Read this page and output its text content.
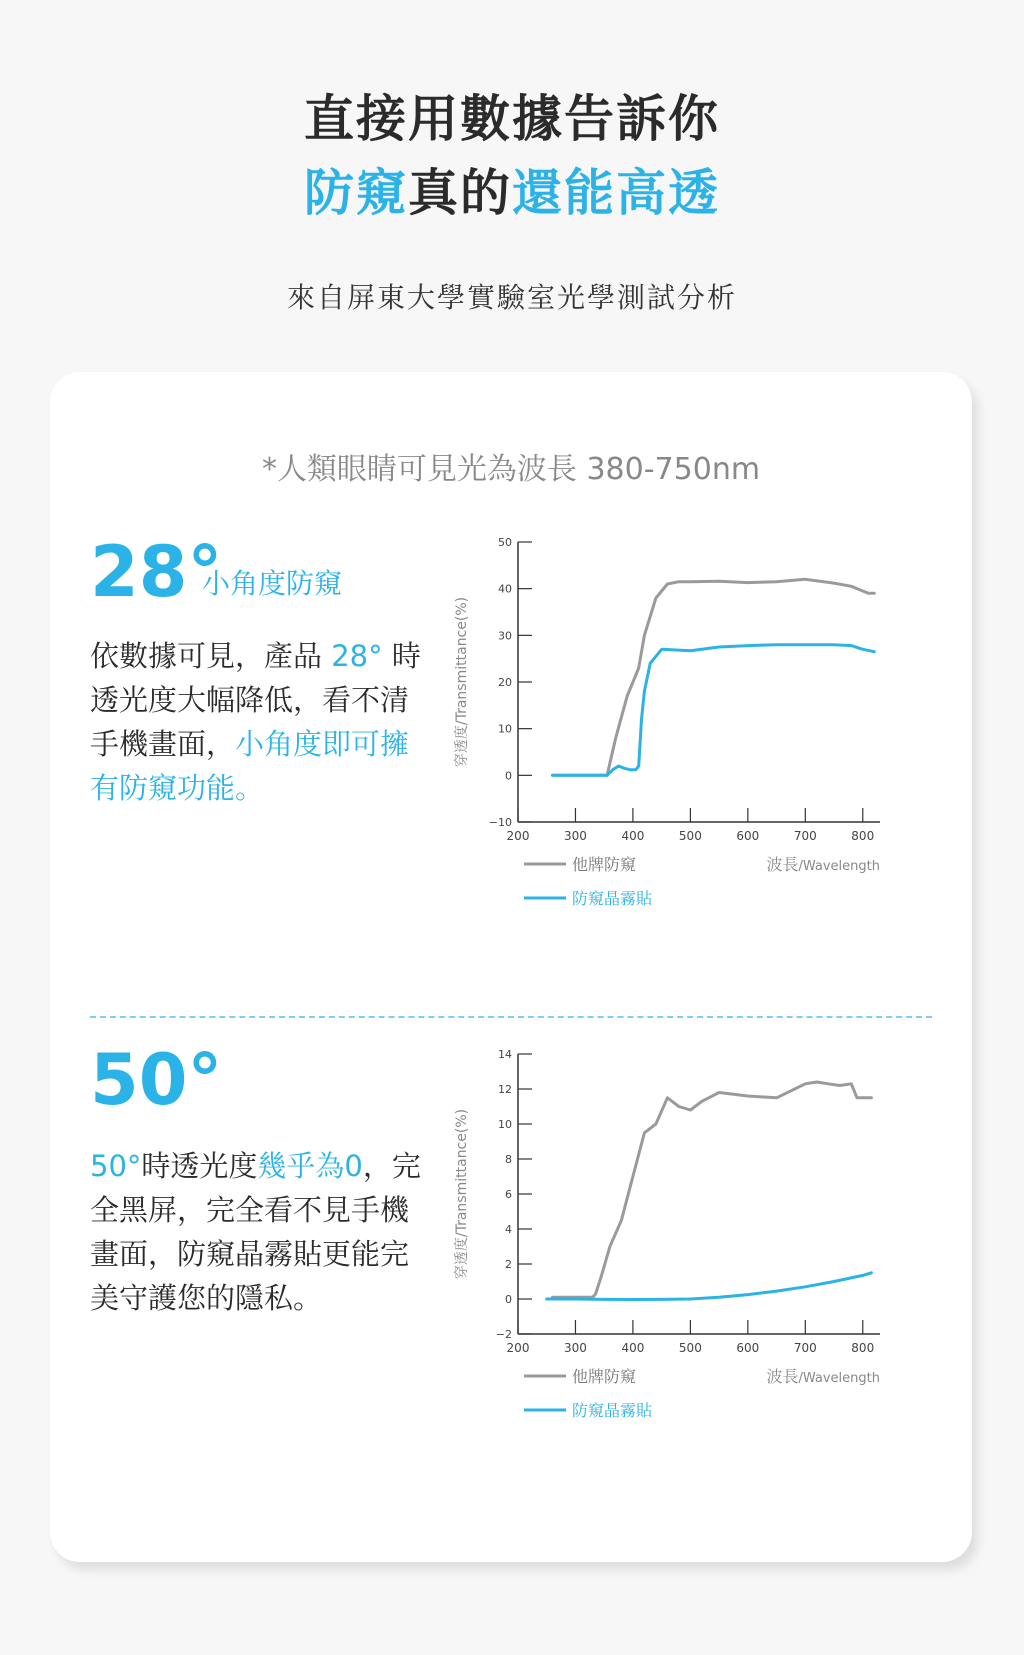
直接用數據告訴你
防窺真的還能高透
來自屏東大學實驗室光學測試分析
*人類眼睛可見光為波長 380-750nm
28°
小角度防窺
依數據可見，產品 28° 時透光度大幅降低，看不清手機畫面，小角度即可擁有防窺功能。
穿透度/Transmittance(%)
−10
0
10
20
30
40
50
200	300	400	500	600	700	800
他牌防窺
防窺晶霧貼
波長/Wavelength
50°
50°時透光度幾乎為0，完全黑屏，完全看不見手機畫面，防窺晶霧貼更能完美守護您的隱私。
穿透度/Transmittance(%)
−2
0
2
4
6
8
10
12
14
200	300	400	500	600	700	800
他牌防窺
防窺晶霧貼
波長/Wavelength
